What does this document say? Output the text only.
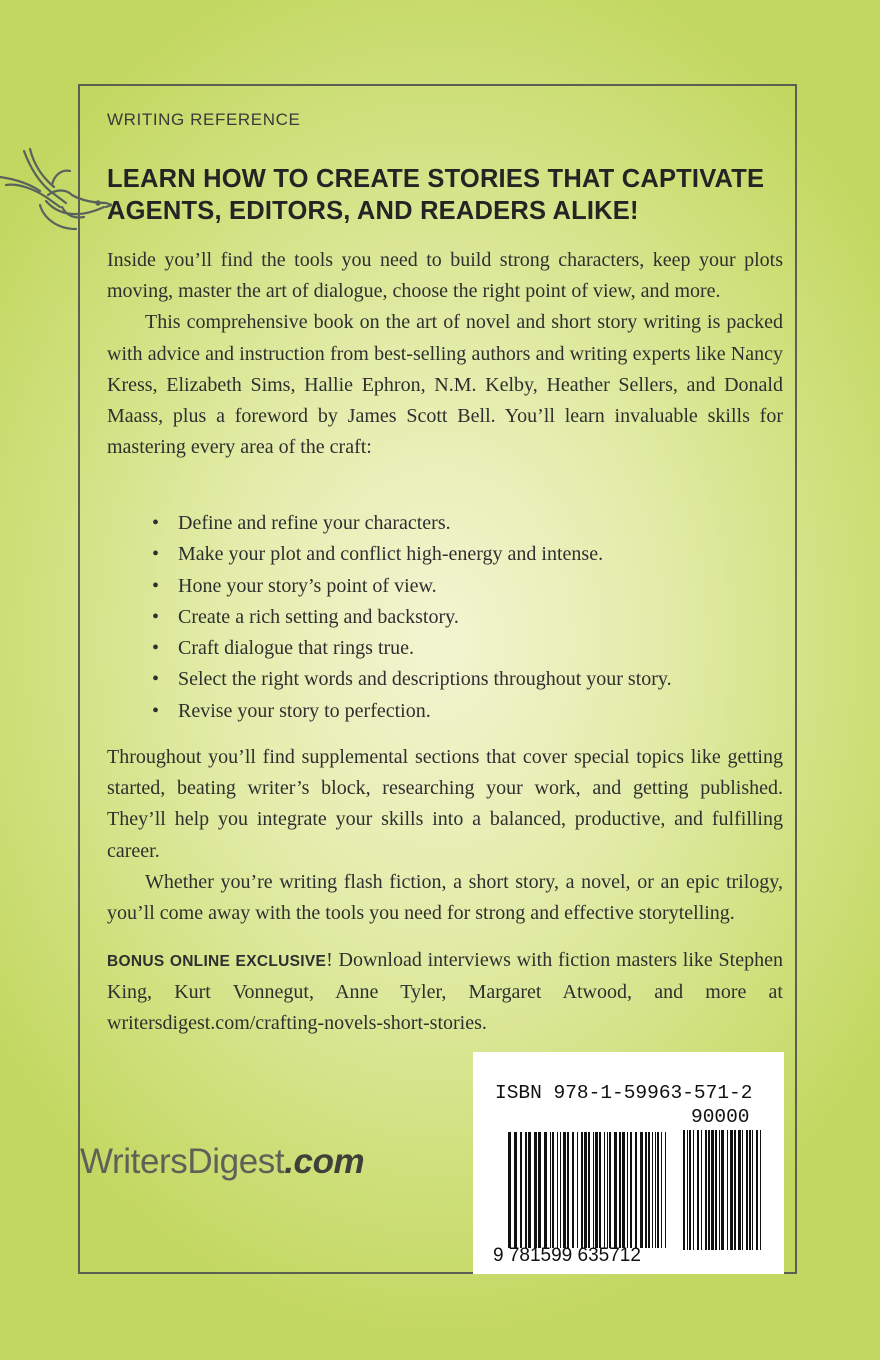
WRITING REFERENCE
LEARN HOW TO CREATE STORIES THAT CAPTIVATE
AGENTS, EDITORS, AND READERS ALIKE!

Inside you’ll find the tools you need to build strong characters, keep your plots moving, master the art of dialogue, choose the right point of view, and more.

This comprehensive book on the art of novel and short story writing is packed with advice and instruction from best-selling authors and writing experts like Nancy Kress, Elizabeth Sims, Hallie Ephron, N.M. Kelby, Heather Sellers, and Donald Maass, plus a foreword by James Scott Bell. You’ll learn invaluable skills for mastering every area of the craft:

• Define and refine your characters.
• Make your plot and conflict high-energy and intense.
• Hone your story’s point of view.
• Create a rich setting and backstory.
• Craft dialogue that rings true.
• Select the right words and descriptions throughout your story.
• Revise your story to perfection.

Throughout you’ll find supplemental sections that cover special topics like getting started, beating writer’s block, researching your work, and getting published. They’ll help you integrate your skills into a balanced, productive, and fulfilling career.

Whether you’re writing flash fiction, a short story, a novel, or an epic trilogy, you’ll come away with the tools you need for strong and effective storytelling.

BONUS ONLINE EXCLUSIVE! Download interviews with fiction masters like Stephen King, Kurt Vonnegut, Anne Tyler, Margaret Atwood, and more at writersdigest.com/crafting-novels-short-stories.

WritersDigest.com
ISBN 978-1-59963-571-2
90000
9 781599 635712
